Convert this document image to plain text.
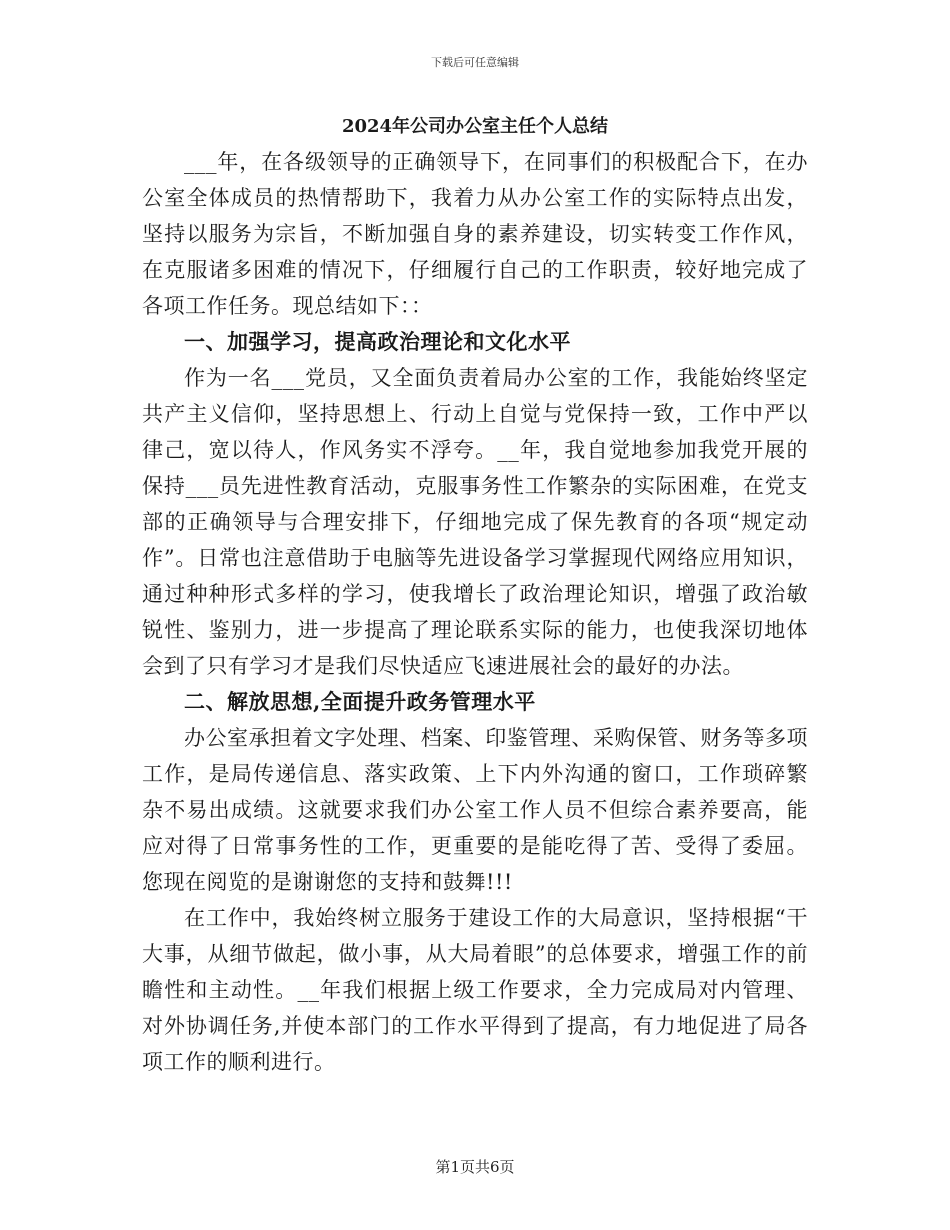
下载后可任意编辑
2024年公司办公室主任个人总结

___年，在各级领导的正确领导下，在同事们的积极配合下，在办公室全体成员的热情帮助下，我着力从办公室工作的实际特点出发，坚持以服务为宗旨，不断加强自身的素养建设，切实转变工作作风，在克服诸多困难的情况下，仔细履行自己的工作职责，较好地完成了各项工作任务。现总结如下：：

一、加强学习，提高政治理论和文化水平

作为一名___党员，又全面负责着局办公室的工作，我能始终坚定共产主义信仰，坚持思想上、行动上自觉与党保持一致，工作中严以律己，宽以待人，作风务实不浮夸。__年，我自觉地参加我党开展的保持___员先进性教育活动，克服事务性工作繁杂的实际困难，在党支部的正确领导与合理安排下，仔细地完成了保先教育的各项“规定动作”。日常也注意借助于电脑等先进设备学习掌握现代网络应用知识，通过种种形式多样的学习，使我增长了政治理论知识，增强了政治敏锐性、鉴别力，进一步提高了理论联系实际的能力，也使我深切地体会到了只有学习才是我们尽快适应飞速进展社会的最好的办法。

二、解放思想,全面提升政务管理水平

办公室承担着文字处理、档案、印鉴管理、采购保管、财务等多项工作，是局传递信息、落实政策、上下内外沟通的窗口，工作琐碎繁杂不易出成绩。这就要求我们办公室工作人员不但综合素养要高，能应对得了日常事务性的工作，更重要的是能吃得了苦、受得了委屈。您现在阅览的是谢谢您的支持和鼓舞!!!

在工作中，我始终树立服务于建设工作的大局意识，坚持根据“干大事，从细节做起，做小事，从大局着眼”的总体要求，增强工作的前瞻性和主动性。__年我们根据上级工作要求，全力完成局对内管理、对外协调任务,并使本部门的工作水平得到了提高，有力地促进了局各项工作的顺利进行。

第1页共6页
